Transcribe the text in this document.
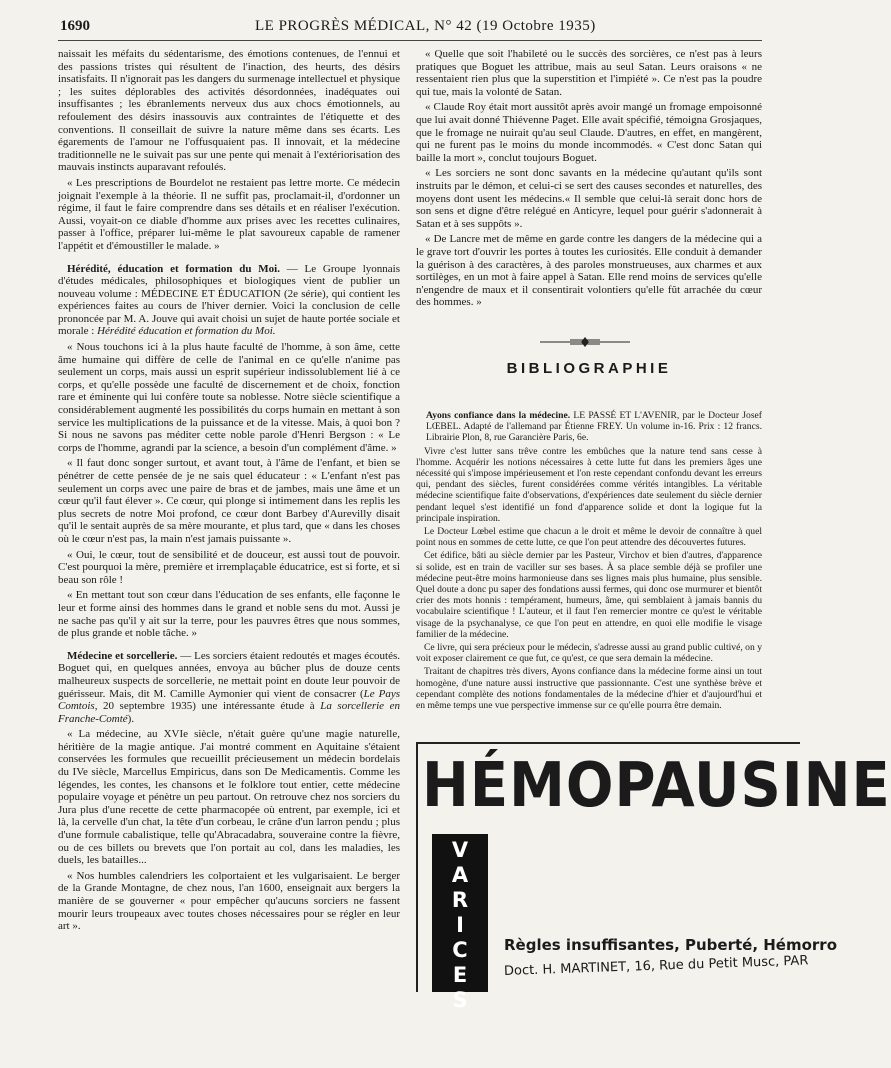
1690	LE PROGRÈS MÉDICAL, N° 42 (19 Octobre 1935)

naissait les méfaits du sédentarisme, des émotions contenues, de l'ennui et des passions tristes qui résultent de l'inaction, des heurts, des désirs insatisfaits. Il n'ignorait pas les dangers du surmenage intellectuel et physique ; les suites déplorables des activités désordonnées, inadéquates oui insuffisantes ; les ébranlements nerveux dus aux chocs émotionnels, au refoulement des désirs inassouvis aux contraintes de l'étiquette et des conventions. Il conseillait de suivre la nature même dans ses écarts. Les égarements de l'amour ne l'offusquaient pas. Il innovait, et la médecine traditionnelle ne le suivait pas sur une pente qui menait à l'extériorisation des mauvais instincts auparavant refoulés.

« Les prescriptions de Bourdelot ne restaient pas lettre morte. Ce médecin joignait l'exemple à la théorie. Il ne suffit pas, proclamait-il, d'ordonner un régime, il faut le faire comprendre dans ses détails et en réaliser l'exécution. Aussi, voyait-on ce diable d'homme aux prises avec les recettes culinaires, passer à l'office, préparer lui-même le plat savoureux capable de ramener l'appétit et d'émoustiller le malade. »

Hérédité, éducation et formation du Moi. — Le Groupe lyonnais d'études médicales, philosophiques et biologiques vient de publier un nouveau volume : MÉDECINE ET ÉDUCATION (2e série), qui contient les expériences faites au cours de l'hiver dernier. Voici la conclusion de celle prononcée par M. A. Jouve qui avait choisi un sujet de haute portée sociale et morale : Hérédité éducation et formation du Moi.

« Nous touchons ici à la plus haute faculté de l'homme, à son âme, cette âme humaine qui diffère de celle de l'animal en ce qu'elle n'anime pas seulement un corps, mais aussi un esprit supérieur indissolublement lié à ce corps, et qu'elle possède une faculté de discernement et de choix, fonction rare et éminente qui lui confère toute sa noblesse. Notre siècle scientifique a considérablement augmenté les possibilités du corps humain en mettant à son service les multiplications de la puissance et de la vitesse. Mais, à quoi bon ? Si nous ne savons pas méditer cette noble parole d'Henri Bergson : « Le corps de l'homme, agrandi par la science, a besoin d'un complément d'âme. »

« Il faut donc songer surtout, et avant tout, à l'âme de l'enfant, et bien se pénétrer de cette pensée de je ne sais quel éducateur : « L'enfant n'est pas seulement un corps avec une paire de bras et de jambes, mais une âme et un cœur qu'il faut élever ». Ce cœur, qui plonge si intimement dans les replis les plus secrets de notre Moi profond, ce cœur dont Barbey d'Aurevilly disait qu'il le sentait auprès de sa mère mourante, et plus tard, que « dans les choses où le cœur n'est pas, la main n'est jamais puissante ».

« Oui, le cœur, tout de sensibilité et de douceur, est aussi tout de pouvoir. C'est pourquoi la mère, première et irremplaçable éducatrice, est si forte, et si beau son rôle !

« En mettant tout son cœur dans l'éducation de ses enfants, elle façonne le leur et forme ainsi des hommes dans le grand et noble sens du mot. Aussi je ne sache pas qu'il y ait sur la terre, pour les pauvres êtres que nous sommes, de plus grande et noble tâche. »

Médecine et sorcellerie. — Les sorciers étaient redoutés et mages écoutés. Boguet qui, en quelques années, envoya au bûcher plus de douze cents malheureux suspects de sorcellerie, ne mettait point en doute leur pouvoir de guérisseur. Mais, dit M. Camille Aymonier qui vient de consacrer (Le Pays Comtois, 20 septembre 1935) une intéressante étude à La sorcellerie en Franche-Comté).

« La médecine, au XVIe siècle, n'était guère qu'une magie naturelle, héritière de la magie antique. J'ai montré comment en Aquitaine s'étaient conservées les formules que recueillit précieusement un médecin bordelais du IVe siècle, Marcellus Empiricus, dans son De Medicamentis. Comme les légendes, les contes, les chansons et le folklore tout entier, cette médecine populaire voyage et pénètre un peu partout. On retrouve chez nos sorciers du Jura plus d'une recette de cette pharmacopée où entrent, par exemple, ici et là, la cervelle d'un chat, la tête d'un corbeau, le crâne d'un larron pendu ; plus d'une formule cabalistique, telle qu'Abracadabra, souveraine contre la fièvre, ou de ces billets ou brevets que l'on portait au col, dans les maladies, les duels, les batailles...

« Nos humbles calendriers les colportaient et les vulgarisaient. Le berger de la Grande Montagne, de chez nous, l'an 1600, enseignait aux bergers la manière de se gouverner « pour empêcher qu'aucuns sorciers ne fassent mourir leurs troupeaux avec toutes choses nécessaires pour se régler en leur art ».

« Quelle que soit l'habileté ou le succès des sorcières, ce n'est pas à leurs pratiques que Boguet les attribue, mais au seul Satan. Leurs oraisons « ne ressentaient rien plus que la superstition et l'impiété ». Ce n'est pas la poudre qui tue, mais la volonté de Satan.

« Claude Roy était mort aussitôt après avoir mangé un fromage empoisonné que lui avait donné Thiévenne Paget. Elle avait spécifié, témoigna Grosjaques, que le fromage ne nuirait qu'au seul Claude. D'autres, en effet, en mangèrent, qui ne furent pas le moins du monde incommodés. « C'est donc Satan qui baille la mort », conclut toujours Boguet.

« Les sorciers ne sont donc savants en la médecine qu'autant qu'ils sont instruits par le démon, et celui-ci se sert des causes secondes et naturelles, des moyens dont usent les médecins.« Il semble que celui-là serait donc hors de son sens et digne d'être relégué en Anticyre, lequel pour guérir s'adonnerait à Satan et à ses suppôts ».

« De Lancre met de même en garde contre les dangers de la médecine qui a le grave tort d'ouvrir les portes à toutes les curiosités. Elle conduit à demander la guérison à des caractères, à des paroles monstrueuses, aux charmes et aux sortilèges, en un mot à faire appel à Satan. Elle rend moins de services qu'elle n'engendre de maux et il consentirait volontiers qu'elle fût arrachée du cœur des hommes. »

BIBLIOGRAPHIE

Ayons confiance dans la médecine. LE PASSÉ ET L'AVENIR, par le Docteur Josef LŒBEL. Adapté de l'allemand par Étienne FREY. Un volume in-16. Prix : 12 francs. Librairie Plon, 8, rue Garancière Paris, 6e.

Vivre c'est lutter sans trêve contre les embûches que la nature tend sans cesse à l'homme. Acquérir les notions nécessaires à cette lutte fut dans les premiers âges une nécessité qui s'impose impérieusement et l'on reste cependant confondu devant les erreurs qui, pendant des siècles, furent considérées comme vérités intangibles. La véritable médecine scientifique faite d'observations, d'expériences date seulement du siècle dernier pendant lequel s'est identifié un fond d'apparence solide et dont la logique fut la principale inspiration.

Le Docteur Lœbel estime que chacun a le droit et même le devoir de connaître à quel point nous en sommes de cette lutte, ce que l'on peut attendre des découvertes futures.

Cet édifice, bâti au siècle dernier par les Pasteur, Virchov et bien d'autres, d'apparence si solide, est en train de vaciller sur ses bases. À sa place semble déjà se profiler une médecine peut-être moins harmonieuse dans ses lignes mais plus humaine, plus sensible. Quel doute a donc pu saper des fondations aussi fermes, qui donc ose murmurer et bientôt crier des mots honnis : tempérament, humeurs, âme, qui semblaient à jamais bannis du vocabulaire scientifique ! L'auteur, et il faut l'en remercier montre ce qu'est le véritable visage de la psychanalyse, ce que l'on peut en attendre, en quoi elle modifie le visage familier de la médecine.

Ce livre, qui sera précieux pour le médecin, s'adresse aussi au grand public cultivé, on y voit exposer clairement ce que fut, ce qu'est, ce que sera demain la médecine.

Traitant de chapitres très divers, Ayons confiance dans la médecine forme ainsi un tout homogène, d'une nature aussi instructive que passionnante. C'est une synthèse brève et cependant complète des notions fondamentales de la médecine d'hier et d'aujourd'hui et en même temps une vue perspective immense sur ce qu'elle pourra être demain.

HÉMOPAUSINE
V
A
R
I
C
E
S
Règles insuffisantes, Puberté, Hémorro
Doct. H. MARTINET, 16, Rue du Petit Musc, PAR
